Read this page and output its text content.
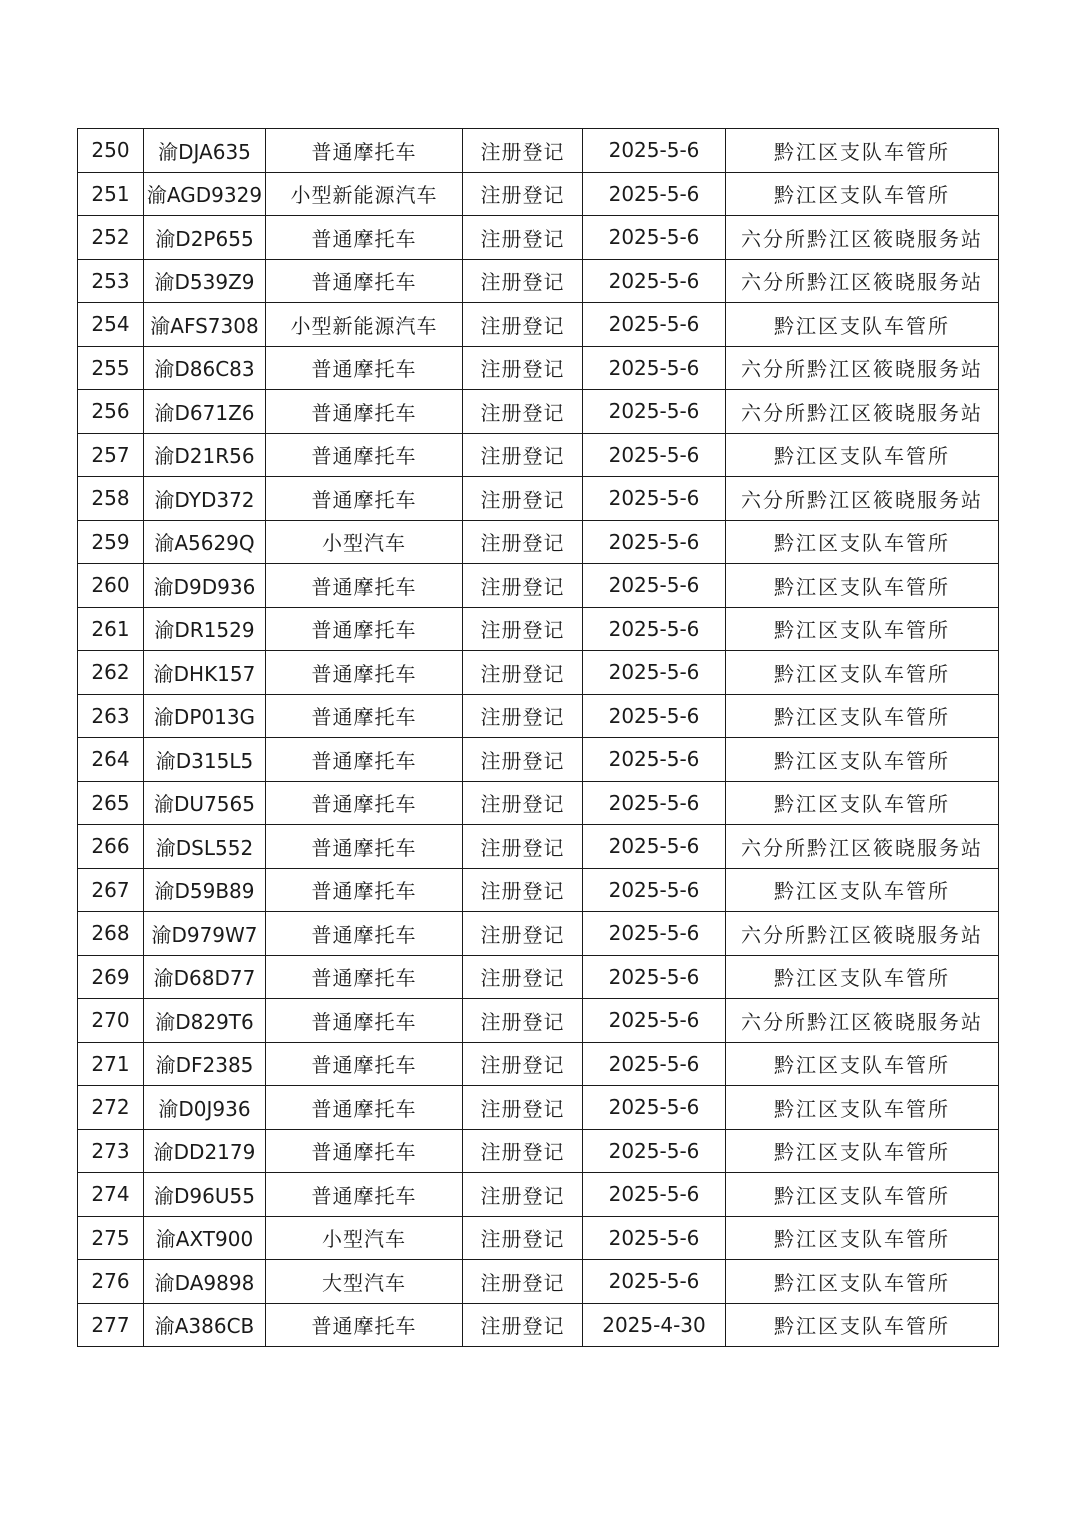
250	渝DJA635	普通摩托车	注册登记	2025-5-6	黔江区支队车管所
251	渝AGD9329	小型新能源汽车	注册登记	2025-5-6	黔江区支队车管所
252	渝D2P655	普通摩托车	注册登记	2025-5-6	六分所黔江区筱晓服务站
253	渝D539Z9	普通摩托车	注册登记	2025-5-6	六分所黔江区筱晓服务站
254	渝AFS7308	小型新能源汽车	注册登记	2025-5-6	黔江区支队车管所
255	渝D86C83	普通摩托车	注册登记	2025-5-6	六分所黔江区筱晓服务站
256	渝D671Z6	普通摩托车	注册登记	2025-5-6	六分所黔江区筱晓服务站
257	渝D21R56	普通摩托车	注册登记	2025-5-6	黔江区支队车管所
258	渝DYD372	普通摩托车	注册登记	2025-5-6	六分所黔江区筱晓服务站
259	渝A5629Q	小型汽车	注册登记	2025-5-6	黔江区支队车管所
260	渝D9D936	普通摩托车	注册登记	2025-5-6	黔江区支队车管所
261	渝DR1529	普通摩托车	注册登记	2025-5-6	黔江区支队车管所
262	渝DHK157	普通摩托车	注册登记	2025-5-6	黔江区支队车管所
263	渝DP013G	普通摩托车	注册登记	2025-5-6	黔江区支队车管所
264	渝D315L5	普通摩托车	注册登记	2025-5-6	黔江区支队车管所
265	渝DU7565	普通摩托车	注册登记	2025-5-6	黔江区支队车管所
266	渝DSL552	普通摩托车	注册登记	2025-5-6	六分所黔江区筱晓服务站
267	渝D59B89	普通摩托车	注册登记	2025-5-6	黔江区支队车管所
268	渝D979W7	普通摩托车	注册登记	2025-5-6	六分所黔江区筱晓服务站
269	渝D68D77	普通摩托车	注册登记	2025-5-6	黔江区支队车管所
270	渝D829T6	普通摩托车	注册登记	2025-5-6	六分所黔江区筱晓服务站
271	渝DF2385	普通摩托车	注册登记	2025-5-6	黔江区支队车管所
272	渝D0J936	普通摩托车	注册登记	2025-5-6	黔江区支队车管所
273	渝DD2179	普通摩托车	注册登记	2025-5-6	黔江区支队车管所
274	渝D96U55	普通摩托车	注册登记	2025-5-6	黔江区支队车管所
275	渝AXT900	小型汽车	注册登记	2025-5-6	黔江区支队车管所
276	渝DA9898	大型汽车	注册登记	2025-5-6	黔江区支队车管所
277	渝A386CB	普通摩托车	注册登记	2025-4-30	黔江区支队车管所
